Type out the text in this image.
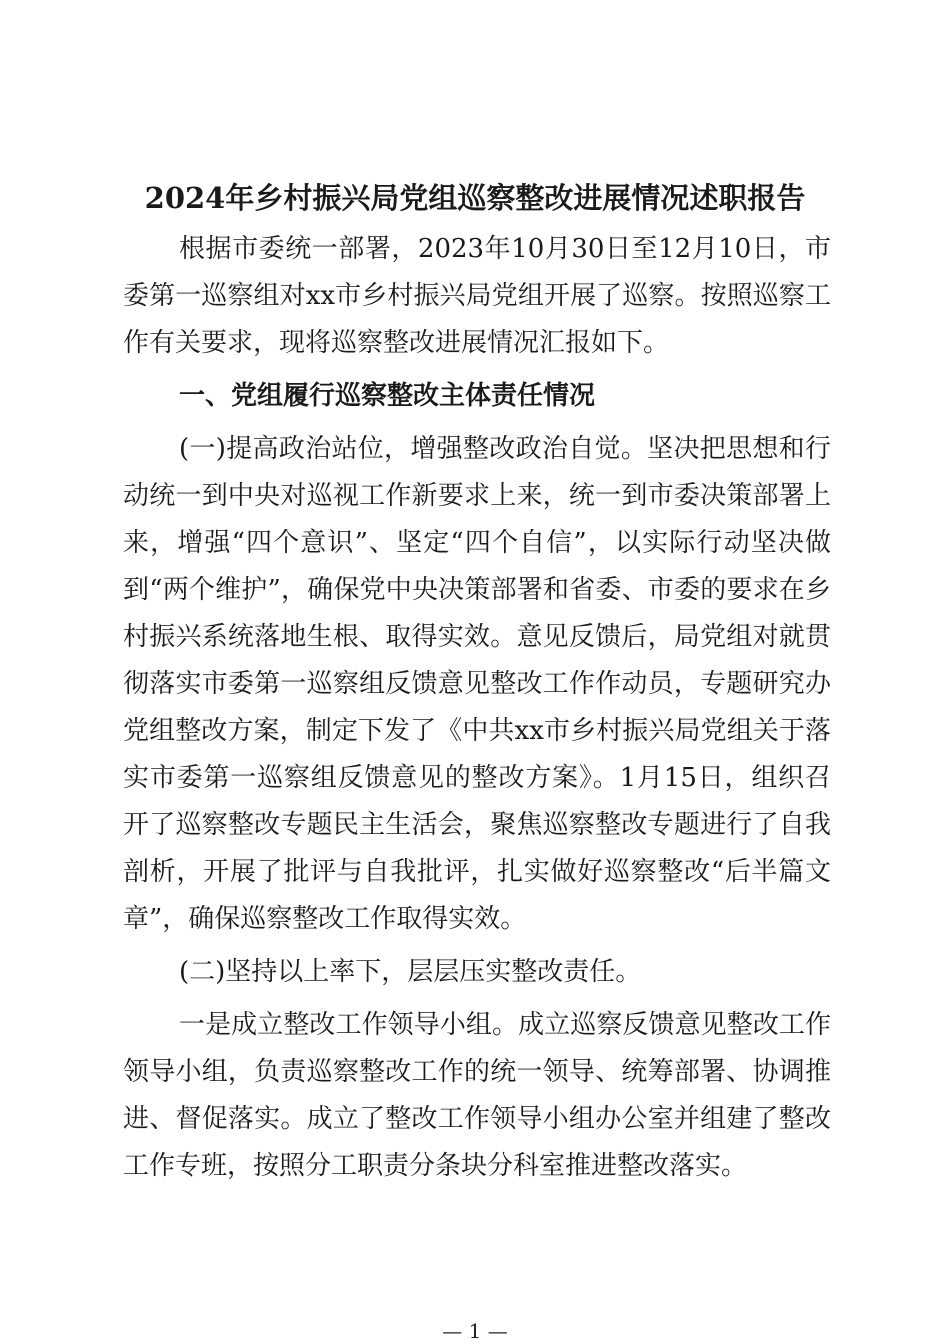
2024年乡村振兴局党组巡察整改进展情况述职报告

根据市委统一部署，2023年10月30日至12月10日，市委第一巡察组对xx市乡村振兴局党组开展了巡察。按照巡察工作有关要求，现将巡察整改进展情况汇报如下。

一、党组履行巡察整改主体责任情况

(一)提高政治站位，增强整改政治自觉。坚决把思想和行动统一到中央对巡视工作新要求上来，统一到市委决策部署上来，增强“四个意识”、坚定“四个自信”，以实际行动坚决做到“两个维护”，确保党中央决策部署和省委、市委的要求在乡村振兴系统落地生根、取得实效。意见反馈后，局党组对就贯彻落实市委第一巡察组反馈意见整改工作作动员，专题研究办党组整改方案，制定下发了《中共xx市乡村振兴局党组关于落实市委第一巡察组反馈意见的整改方案》。1月15日，组织召开了巡察整改专题民主生活会，聚焦巡察整改专题进行了自我剖析，开展了批评与自我批评，扎实做好巡察整改“后半篇文章”，确保巡察整改工作取得实效。

(二)坚持以上率下，层层压实整改责任。

一是成立整改工作领导小组。成立巡察反馈意见整改工作领导小组，负责巡察整改工作的统一领导、统筹部署、协调推进、督促落实。成立了整改工作领导小组办公室并组建了整改工作专班，按照分工职责分条块分科室推进整改落实。

— 1 —
